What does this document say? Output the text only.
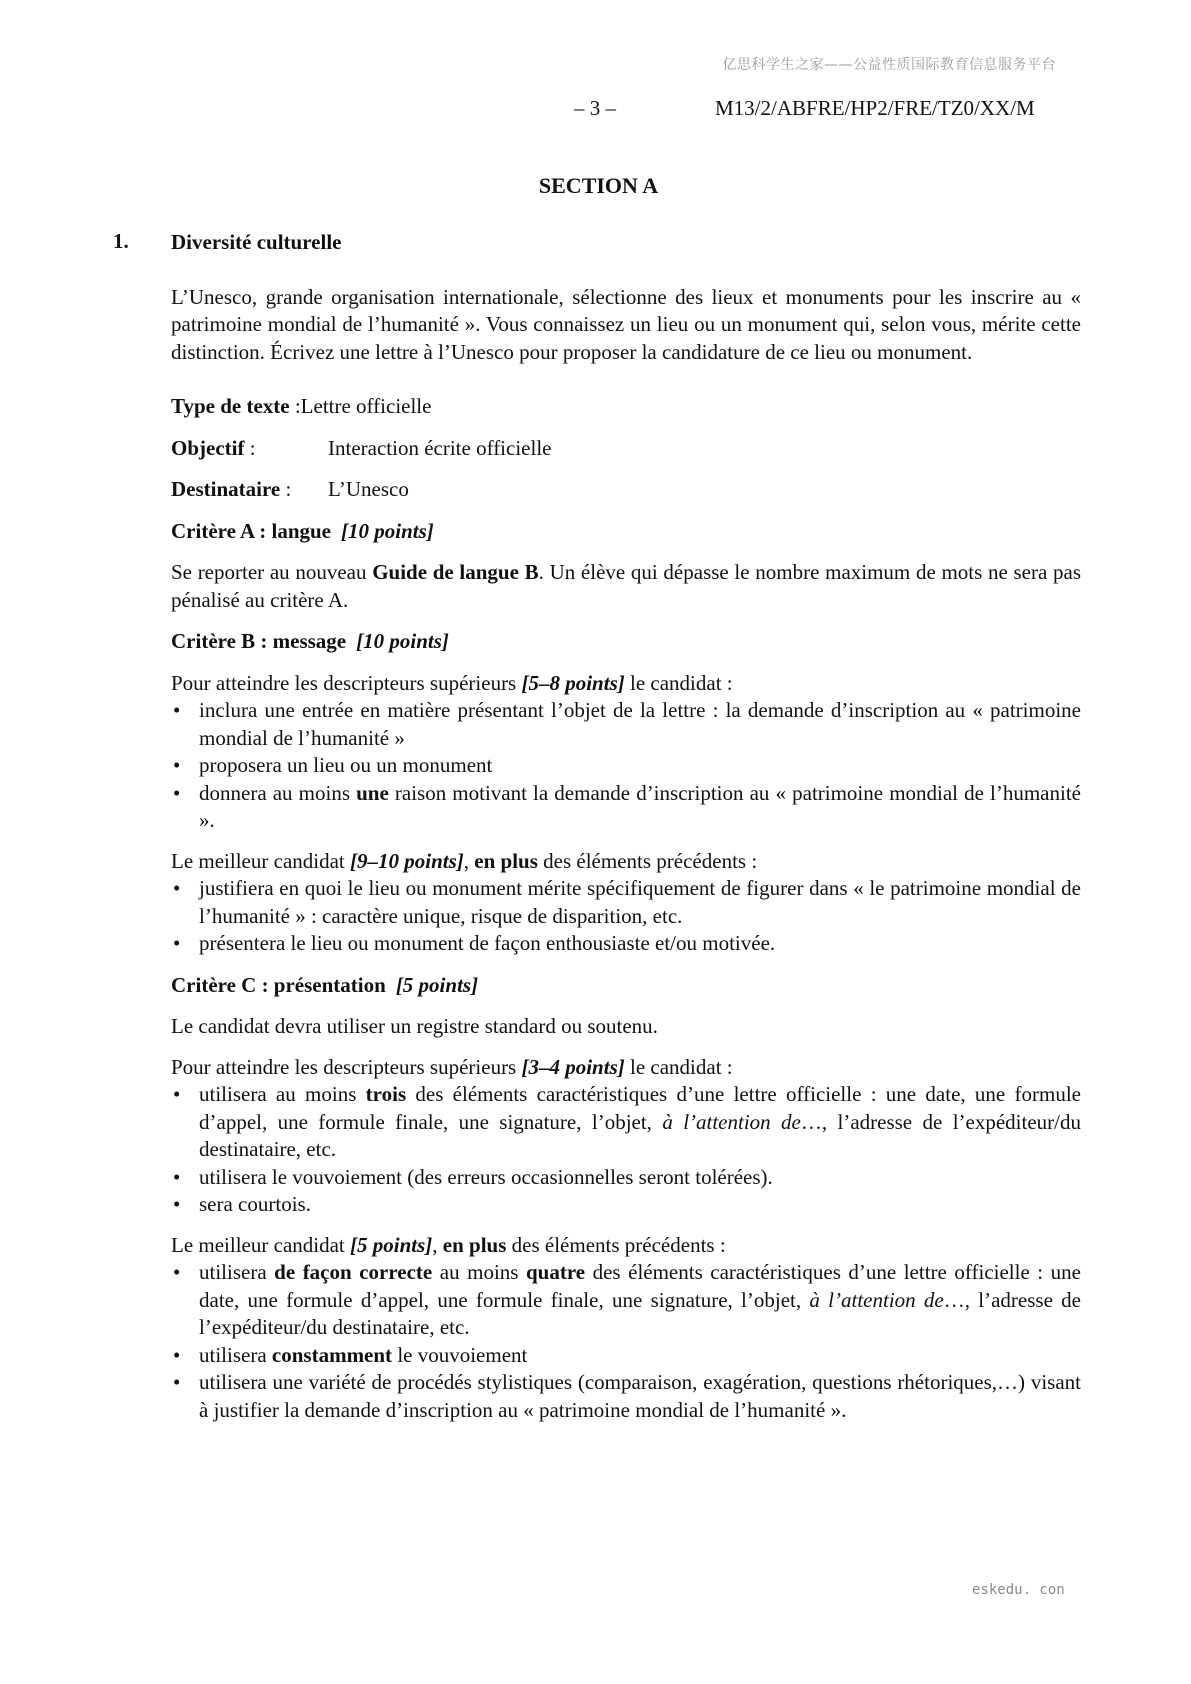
亿思科学生之家——公益性质国际教育信息服务平台
– 3 –	M13/2/ABFRE/HP2/FRE/TZ0/XX/M
SECTION A
1. Diversité culturelle

L’Unesco, grande organisation internationale, sélectionne des lieux et monuments pour les inscrire au « patrimoine mondial de l’humanité ». Vous connaissez un lieu ou un monument qui, selon vous, mérite cette distinction. Écrivez une lettre à l’Unesco pour proposer la candidature de ce lieu ou monument.

Type de texte :Lettre officielle
Objectif :	Interaction écrite officielle
Destinataire : L’Unesco
Critère A : langue [10 points]

Se reporter au nouveau Guide de langue B. Un élève qui dépasse le nombre maximum de mots ne sera pas pénalisé au critère A.

Critère B : message [10 points]

Pour atteindre les descripteurs supérieurs [5–8 points] le candidat :

• inclura une entrée en matière présentant l’objet de la lettre : la demande d’inscription au « patrimoine mondial de l’humanité »
• proposera un lieu ou un monument
• donnera au moins une raison motivant la demande d’inscription au « patrimoine mondial de l’humanité ».

Le meilleur candidat [9–10 points], en plus des éléments précédents :

• justifiera en quoi le lieu ou monument mérite spécifiquement de figurer dans « le patrimoine mondial de l’humanité » : caractère unique, risque de disparition, etc.
• présentera le lieu ou monument de façon enthousiaste et/ou motivée.
Critère C : présentation [5 points]

Le candidat devra utiliser un registre standard ou soutenu.

Pour atteindre les descripteurs supérieurs [3–4 points] le candidat :

• utilisera au moins trois des éléments caractéristiques d’une lettre officielle : une date, une formule d’appel, une formule finale, une signature, l’objet, à l’attention de…, l’adresse de l’expéditeur/du destinataire, etc.
• utilisera le vouvoiement (des erreurs occasionnelles seront tolérées).
• sera courtois.

Le meilleur candidat [5 points], en plus des éléments précédents :

• utilisera de façon correcte au moins quatre des éléments caractéristiques d’une lettre officielle : une date, une formule d’appel, une formule finale, une signature, l’objet, à l’attention de…, l’adresse de l’expéditeur/du destinataire, etc.
• utilisera constamment le vouvoiement
• utilisera une variété de procédés stylistiques (comparaison, exagération, questions rhétoriques,…) visant à justifier la demande d’inscription au « patrimoine mondial de l’humanité ».
eskedu. con
